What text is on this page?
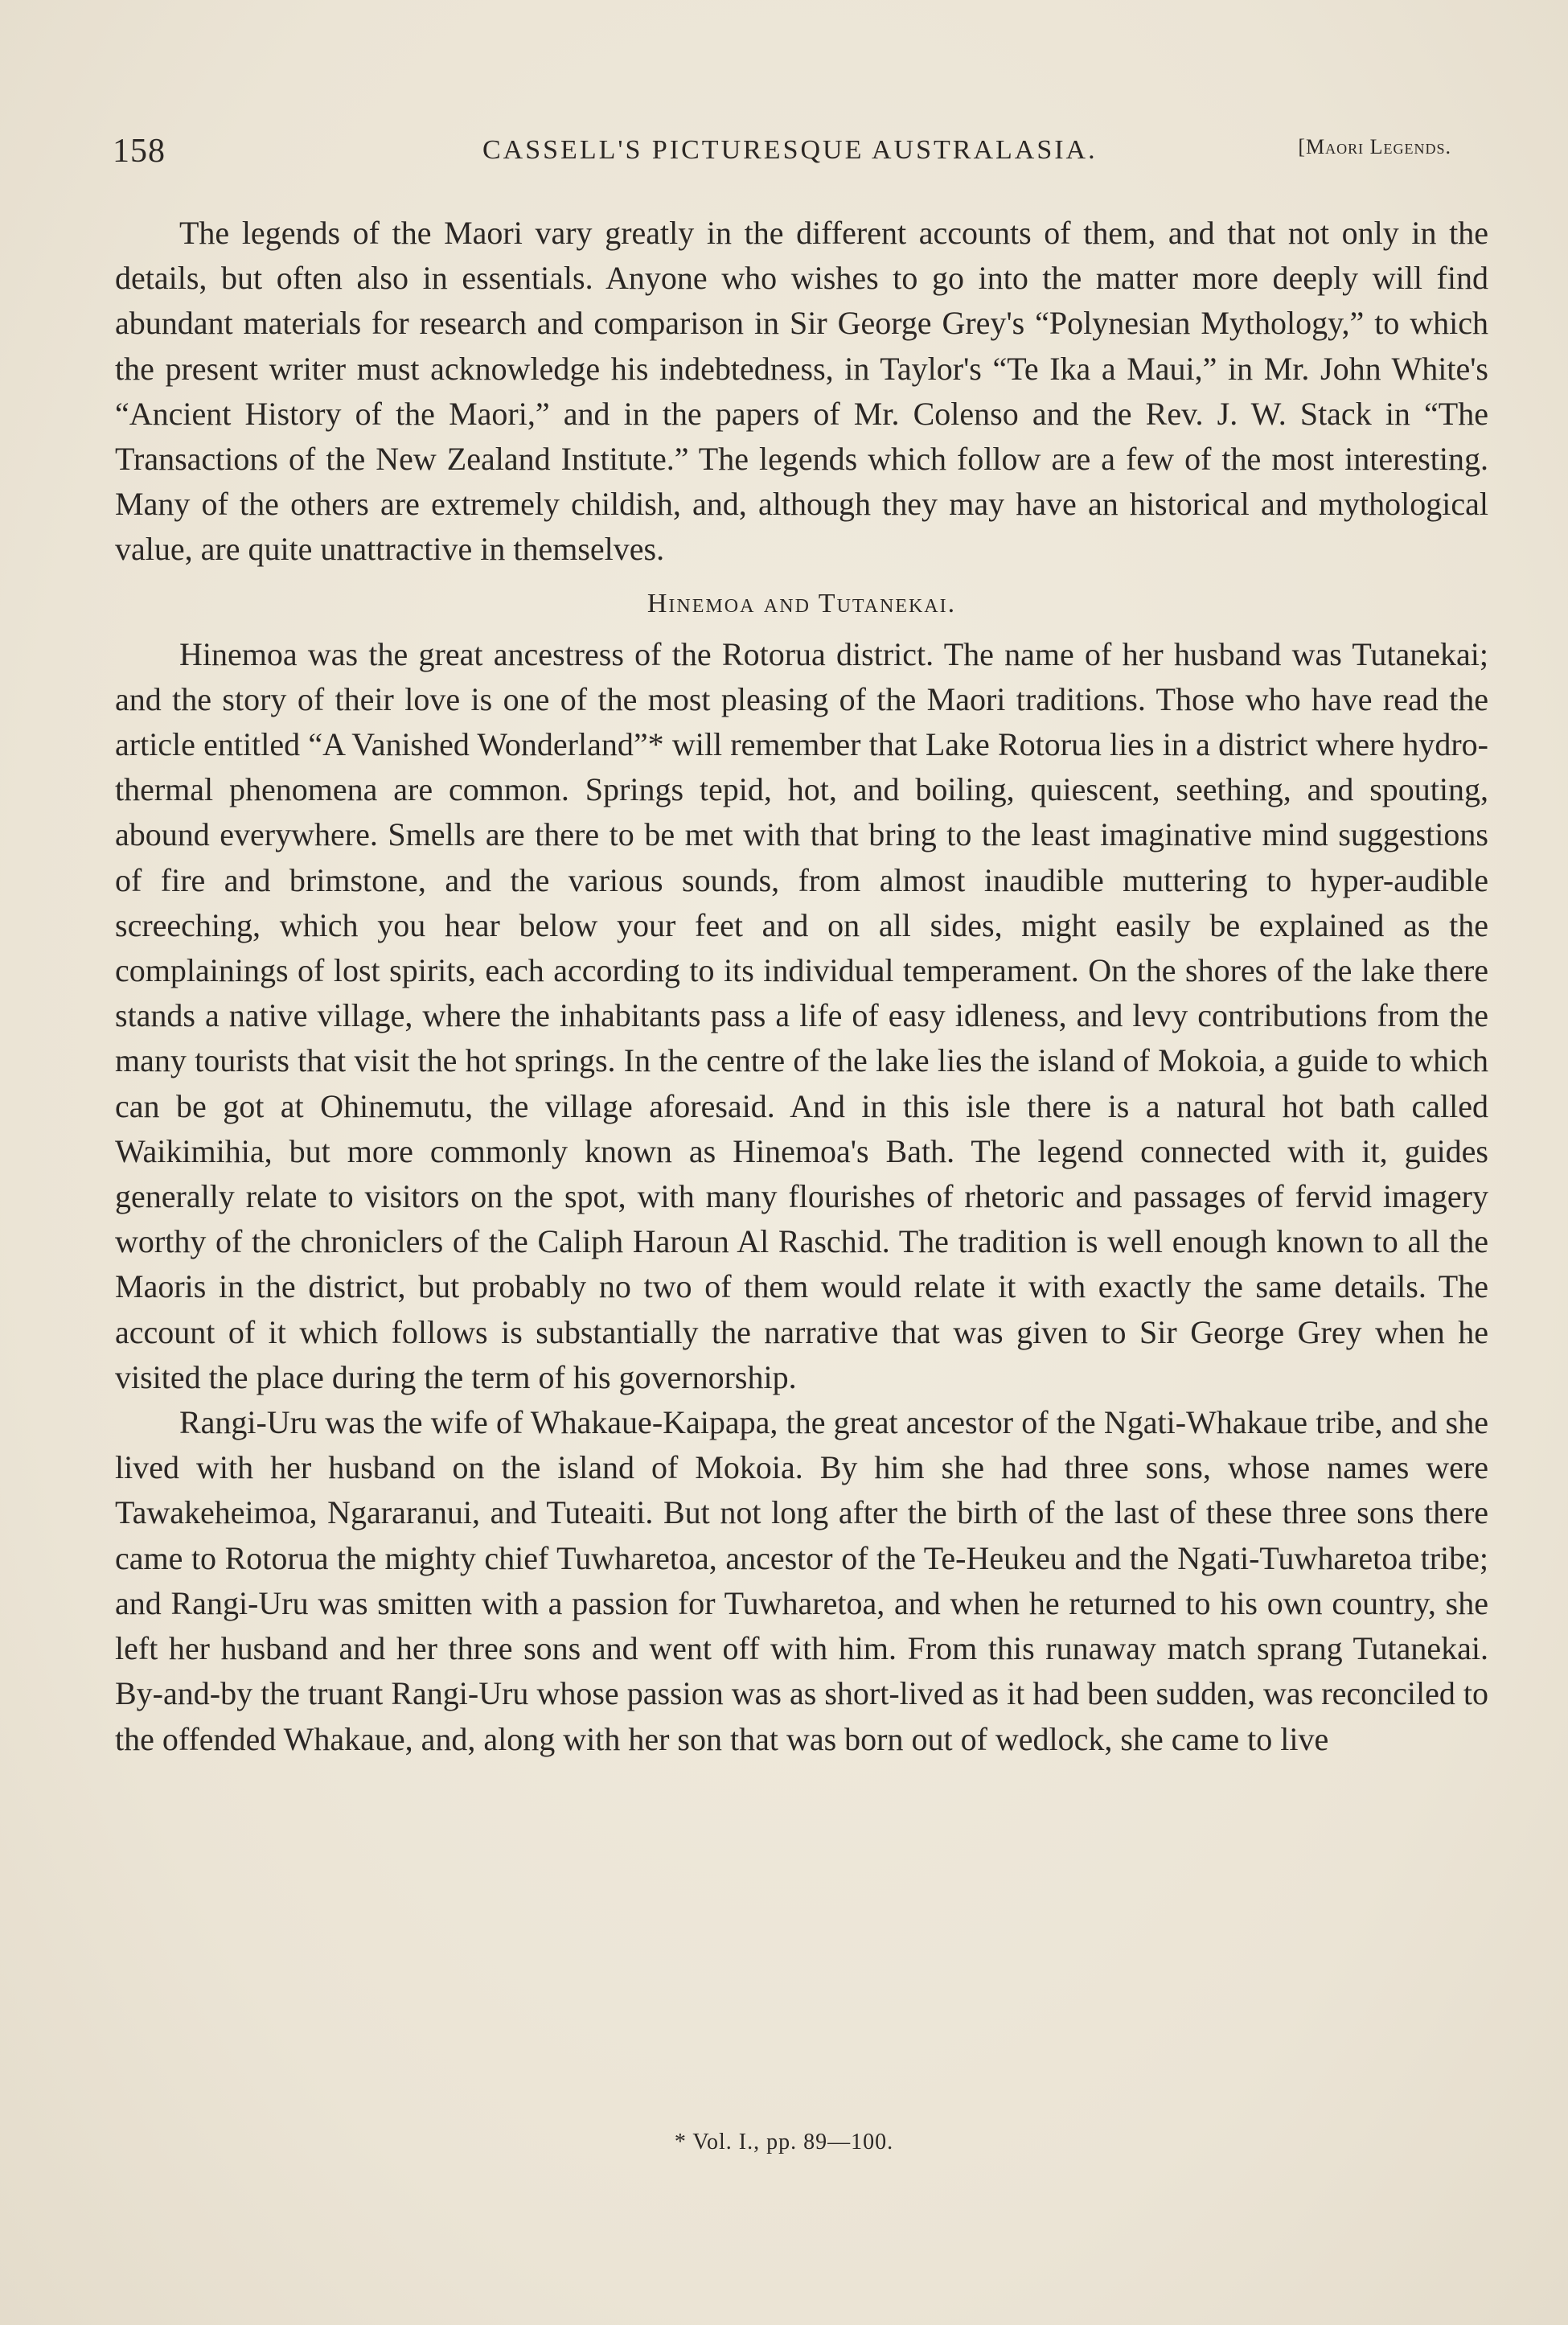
158	CASSELL'S PICTURESQUE AUSTRALASIA.	[Maori Legends.

The legends of the Maori vary greatly in the different accounts of them, and that not only in the details, but often also in essentials. Anyone who wishes to go into the matter more deeply will find abundant materials for research and comparison in Sir George Grey's “Polynesian Mythology,” to which the present writer must acknowledge his indebtedness, in Taylor's “Te Ika a Maui,” in Mr. John White's “Ancient History of the Maori,” and in the papers of Mr. Colenso and the Rev. J. W. Stack in “The Transactions of the New Zealand Institute.” The legends which follow are a few of the most interesting. Many of the others are extremely childish, and, although they may have an historical and mythological value, are quite unattractive in themselves.

Hinemoa and Tutanekai.

Hinemoa was the great ancestress of the Rotorua district. The name of her husband was Tutanekai; and the story of their love is one of the most pleasing of the Maori traditions. Those who have read the article entitled “A Vanished Wonderland”* will remember that Lake Rotorua lies in a district where hydro-thermal phenomena are common. Springs tepid, hot, and boiling, quiescent, seething, and spouting, abound everywhere. Smells are there to be met with that bring to the least imaginative mind suggestions of fire and brimstone, and the various sounds, from almost inaudible muttering to hyper-audible screeching, which you hear below your feet and on all sides, might easily be explained as the complainings of lost spirits, each according to its individual temperament. On the shores of the lake there stands a native village, where the inhabitants pass a life of easy idleness, and levy contributions from the many tourists that visit the hot springs. In the centre of the lake lies the island of Mokoia, a guide to which can be got at Ohinemutu, the village aforesaid. And in this isle there is a natural hot bath called Waikimihia, but more commonly known as Hinemoa's Bath. The legend connected with it, guides generally relate to visitors on the spot, with many flourishes of rhetoric and passages of fervid imagery worthy of the chroniclers of the Caliph Haroun Al Raschid. The tradition is well enough known to all the Maoris in the district, but probably no two of them would relate it with exactly the same details. The account of it which follows is substantially the narrative that was given to Sir George Grey when he visited the place during the term of his governorship.

Rangi-Uru was the wife of Whakaue-Kaipapa, the great ancestor of the Ngati-Whakaue tribe, and she lived with her husband on the island of Mokoia. By him she had three sons, whose names were Tawakeheimoa, Ngararanui, and Tuteaiti. But not long after the birth of the last of these three sons there came to Rotorua the mighty chief Tuwharetoa, ancestor of the Te-Heukeu and the Ngati-Tuwharetoa tribe; and Rangi-Uru was smitten with a passion for Tuwharetoa, and when he returned to his own country, she left her husband and her three sons and went off with him. From this runaway match sprang Tutanekai. By-and-by the truant Rangi-Uru whose passion was as short-lived as it had been sudden, was reconciled to the offended Whakaue, and, along with her son that was born out of wedlock, she came to live

* Vol. I., pp. 89—100.
